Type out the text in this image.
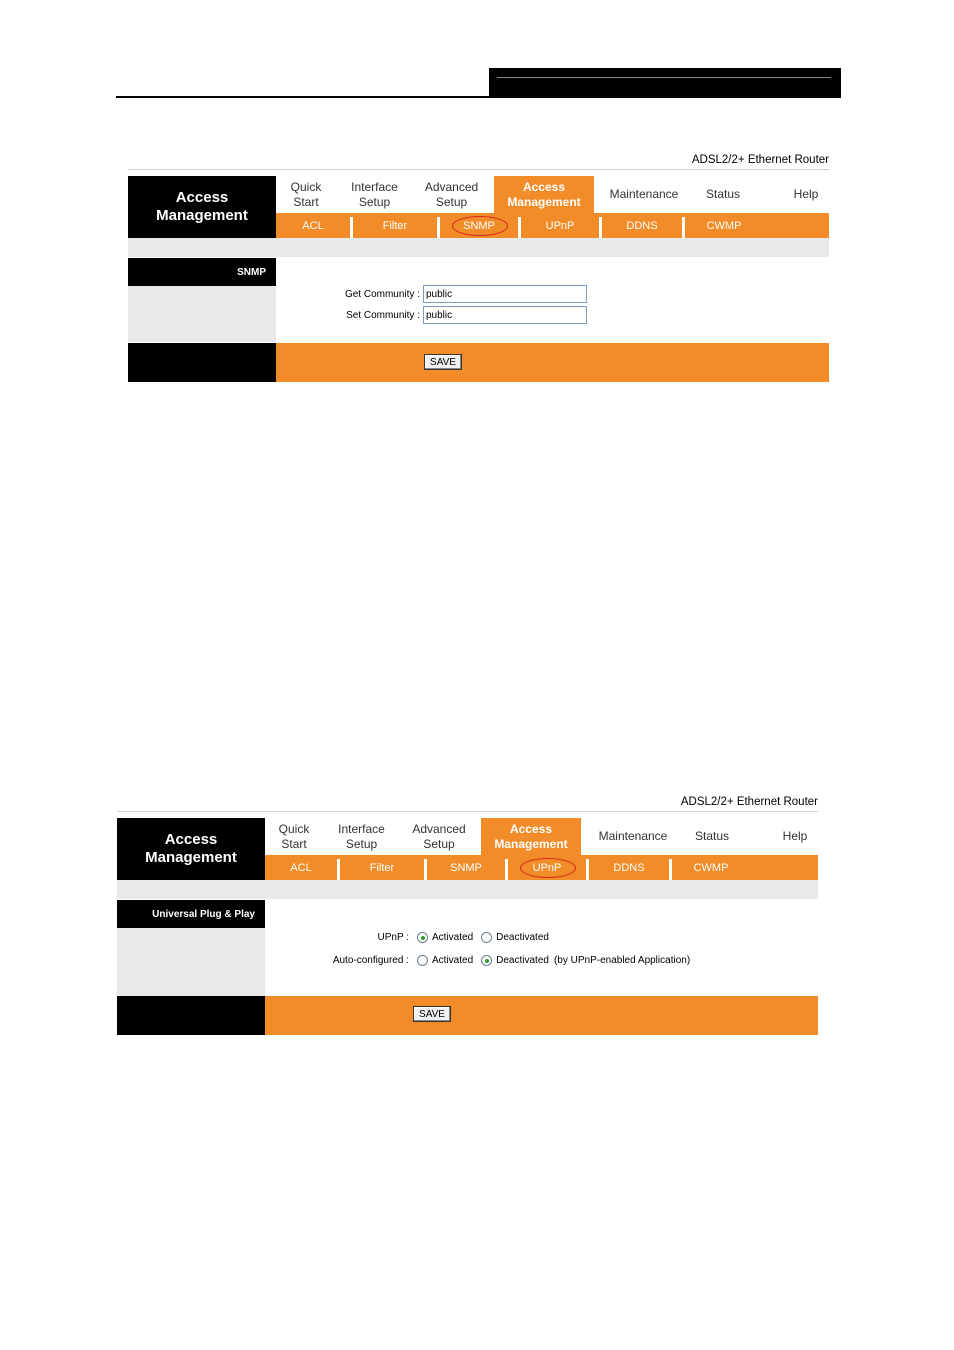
ADSL2/2+ Ethernet Router
Access
Management
Quick
Start
Interface
Setup
Advanced
Setup
Access
Management
Maintenance Status	Help
ACL	Filter	SNMP	UPnP	DDNS	CWMP
SNMP
Get Community :
public
Set Community :
public
SAVE
ADSL2/2+ Ethernet Router
Access
Management
Quick
Start
Interface
Setup
Advanced
Setup
Access
Management
Maintenance Status	Help
ACL	Filter	SNMP	UPnP	DDNS	CWMP
Universal Plug & Play
UPnP : Activated Deactivated
Auto-configured : Activated Deactivated (by UPnP-enabled Application)
SAVE
